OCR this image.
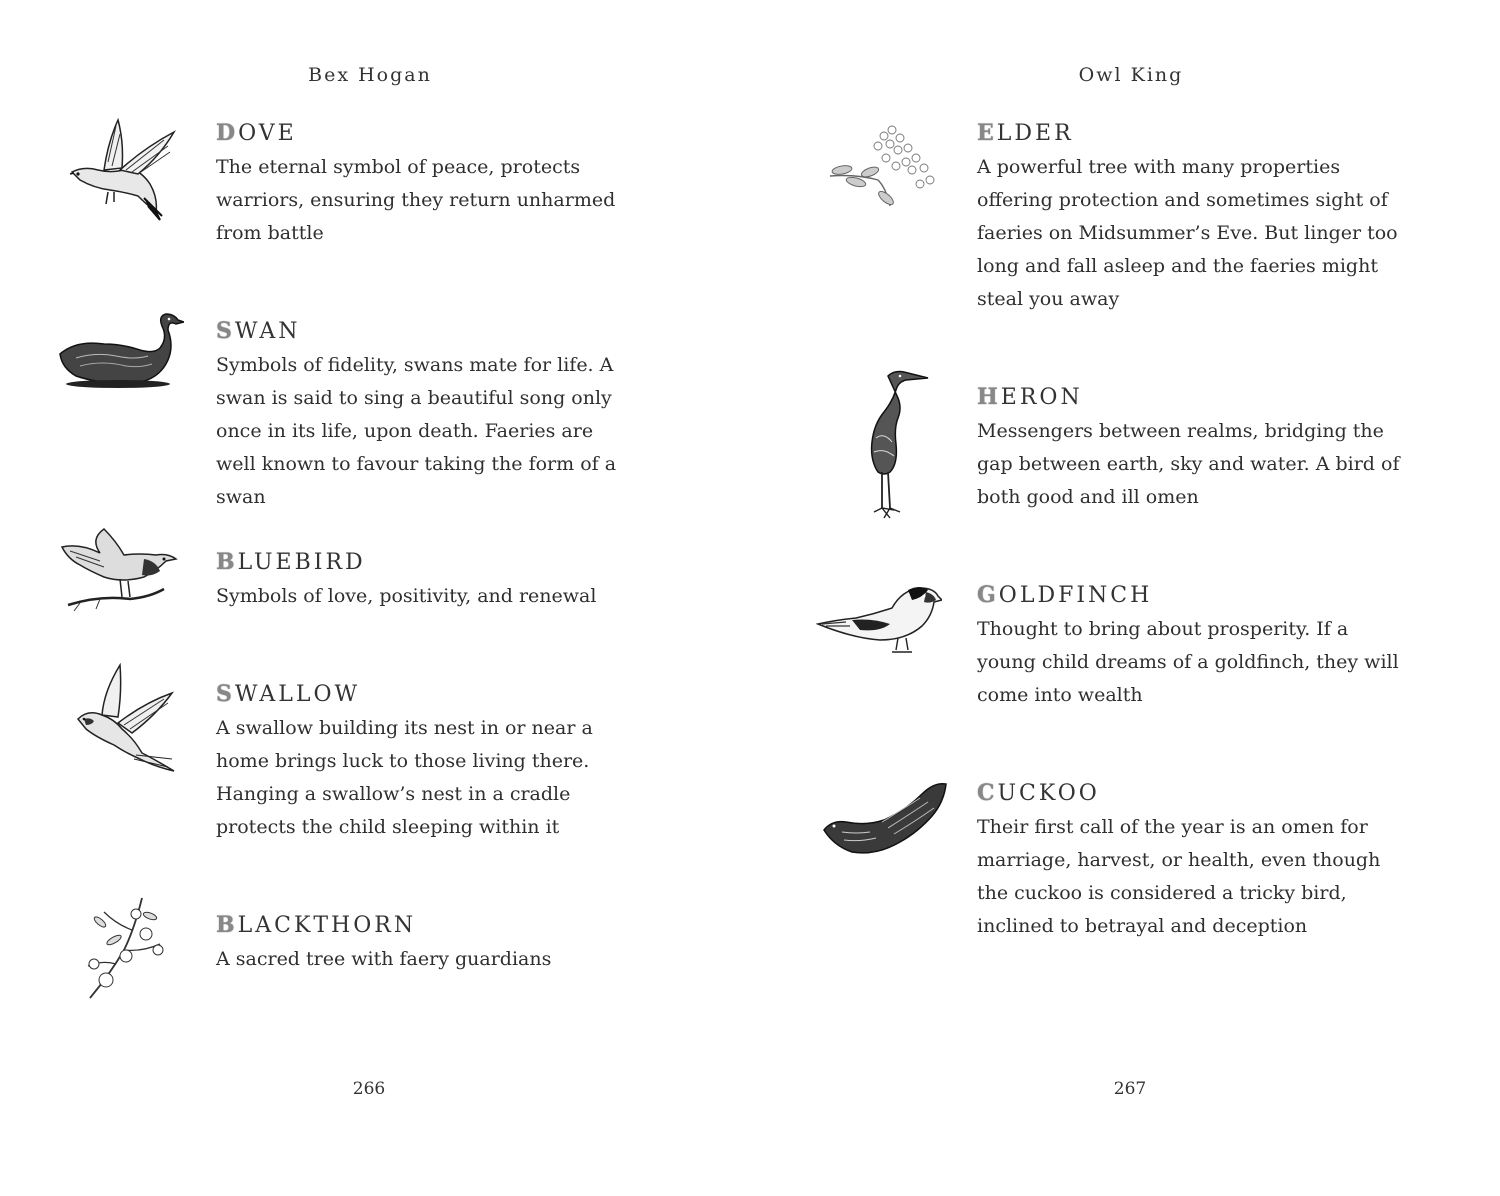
Bex Hogan
DOVE
The eternal symbol of peace, protects warriors, ensuring they return unharmed from battle
SWAN
Symbols of fidelity, swans mate for life. A swan is said to sing a beautiful song only once in its life, upon death. Faeries are well known to favour taking the form of a swan
BLUEBIRD
Symbols of love, positivity, and renewal
SWALLOW
A swallow building its nest in or near a home brings luck to those living there. Hanging a swallow’s nest in a cradle protects the child sleeping within it
BLACKTHORN
A sacred tree with faery guardians
266
Owl King
ELDER
A powerful tree with many properties offering protection and sometimes sight of faeries on Midsummer’s Eve. But linger too long and fall asleep and the faeries might steal you away
HERON
Messengers between realms, bridging the gap between earth, sky and water. A bird of both good and ill omen
GOLDFINCH
Thought to bring about prosperity. If a young child dreams of a goldfinch, they will come into wealth
CUCKOO
Their first call of the year is an omen for marriage, harvest, or health, even though the cuckoo is considered a tricky bird, inclined to betrayal and deception
267
